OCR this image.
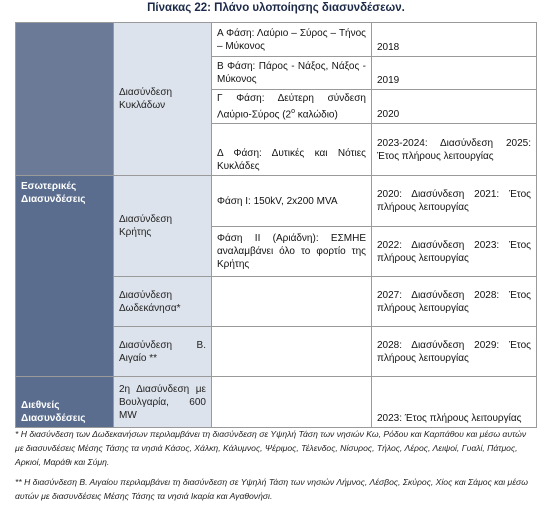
Πίνακας 22: Πλάνο υλοποίησης διασυνδέσεων.
	Διασύνδεση Κυκλάδων	Α Φάση: Λαύριο – Σύρος – Τήνος – Μύκονος	2018
		Β Φάση: Πάρος - Νάξος, Νάξος - Μύκονος	2019
		Γ Φάση: Δεύτερη σύνδεση Λαύριο-Σύρος ($2^o$ καλώδιο)	2020
		Δ Φάση: Δυτικές και Νότιες Κυκλάδες	2023-2024: Διασύνδεση 2025: Έτος πλήρους λειτουργίας
Εσωτερικές Διασυνδέσεις	Διασύνδεση Κρήτης	Φάση Ι: 150kV, 2x200 MVA	2020: Διασύνδεση 2021: Έτος πλήρους λειτουργίας
		Φάση ΙΙ (Αριάδνη): ΕΣΜΗΕ αναλαμβάνει όλο το φορτίο της Κρήτης	2022: Διασύνδεση 2023: Έτος πλήρους λειτουργίας
	Διασύνδεση Δωδεκάνησα*		2027: Διασύνδεση 2028: Έτος πλήρους λειτουργίας
	Διασύνδεση Β. Αιγαίο **		2028: Διασύνδεση 2029: Έτος πλήρους λειτουργίας
Διεθνείς Διασυνδέσεις	2η Διασύνδεση με Βουλγαρία, 600 MW		2023: Έτος πλήρους λειτουργίας

* Η διασύνδεση των Δωδεκανήσων περιλαμβάνει τη διασύνδεση σε Υψηλή Τάση των νησιών Κω, Ρόδου και Καρπάθου και μέσω αυτών με διασυνδέσεις Μέσης Τάσης τα νησιά Κάσος, Χάλκη, Κάλυμνος, Ψέριμος, Τέλενδος, Νίσυρος, Τήλος, Λέρος, Λειψοί, Γυαλί, Πάτμος, Αρκιοί, Μαράθι και Σύμη.

** Η διασύνδεση Β. Αιγαίου περιλαμβάνει τη διασύνδεση σε Υψηλή Τάση των νησιών Λήμνος, Λέσβος, Σκύρος, Χίος και Σάμος και μέσω αυτών με διασυνδέσεις Μέσης Τάσης τα νησιά Ικαρία και Αγαθονήσι.
